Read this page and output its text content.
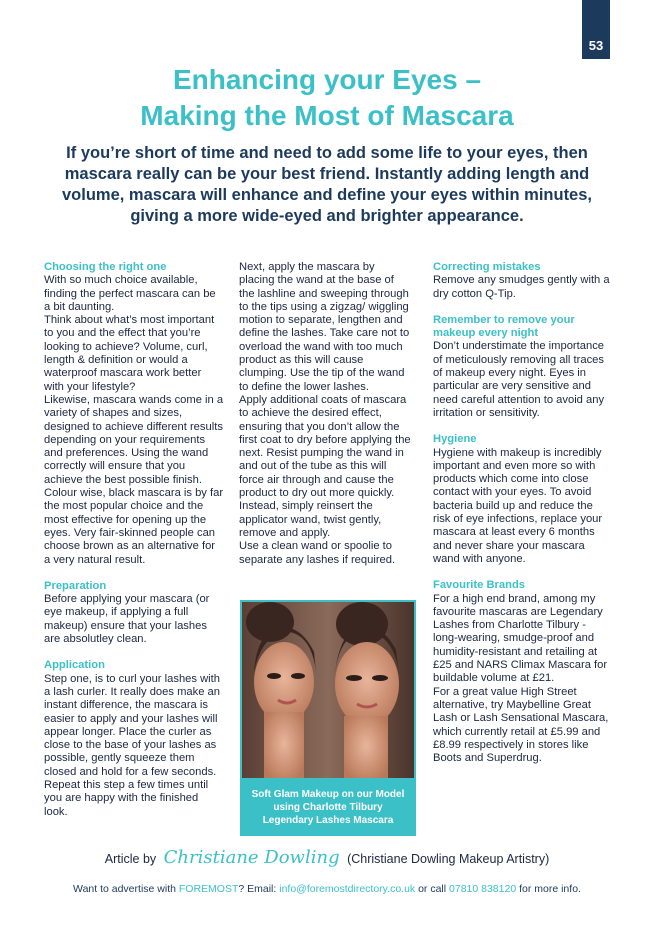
53
Enhancing your Eyes –
Making the Most of Mascara

If you’re short of time and need to add some life to your eyes, then mascara really can be your best friend. Instantly adding length and volume, mascara will enhance and define your eyes within minutes, giving a more wide-eyed and brighter appearance.

Choosing the right one

With so much choice available, finding the perfect mascara can be a bit daunting.

Think about what’s most important to you and the effect that you’re looking to achieve? Volume, curl, length & definition or would a waterproof mascara work better with your lifestyle?

Likewise, mascara wands come in a variety of shapes and sizes, designed to achieve different results depending on your requirements and preferences. Using the wand correctly will ensure that you achieve the best possible finish.

Colour wise, black mascara is by far the most popular choice and the most effective for opening up the eyes. Very fair-skinned people can choose brown as an alternative for a very natural result.

Preparation

Before applying your mascara (or eye makeup, if applying a full makeup) ensure that your lashes are absolutley clean.

Application

Step one, is to curl your lashes with a lash curler. It really does make an instant difference, the mascara is easier to apply and your lashes will appear longer. Place the curler as close to the base of your lashes as possible, gently squeeze them closed and hold for a few seconds. Repeat this step a few times until you are happy with the finished look.

Next, apply the mascara by placing the wand at the base of the lashline and sweeping through to the tips using a zigzag/ wiggling motion to separate, lengthen and define the lashes. Take care not to overload the wand with too much product as this will cause clumping. Use the tip of the wand to define the lower lashes.

Apply additional coats of mascara to achieve the desired effect, ensuring that you don’t allow the first coat to dry before applying the next. Resist pumping the wand in and out of the tube as this will force air through and cause the product to dry out more quickly. Instead, simply reinsert the applicator wand, twist gently, remove and apply.

Use a clean wand or spoolie to separate any lashes if required.

Soft Glam Makeup on our Model using Charlotte Tilbury Legendary Lashes Mascara

Correcting mistakes

Remove any smudges gently with a dry cotton Q-Tip.

Remember to remove your makeup every night

Don’t understimate the importance of meticulously removing all traces of makeup every night. Eyes in particular are very sensitive and need careful attention to avoid any irritation or sensitivity.

Hygiene

Hygiene with makeup is incredibly important and even more so with products which come into close contact with your eyes. To avoid bacteria build up and reduce the risk of eye infections, replace your mascara at least every 6 months and never share your mascara wand with anyone.

Favourite Brands

For a high end brand, among my favourite mascaras are Legendary Lashes from Charlotte Tilbury - long-wearing, smudge-proof and humidity-resistant and retailing at £25 and NARS Climax Mascara for buildable volume at £21.

For a great value High Street alternative, try Maybelline Great Lash or Lash Sensational Mascara, which currently retail at £5.99 and £8.99 respectively in stores like Boots and Superdrug.

Article by Christiane Dowling (Christiane Dowling Makeup Artistry)
Want to advertise with FOREMOST? Email: info@foremostdirectory.co.uk or call 07810 838120 for more info.
